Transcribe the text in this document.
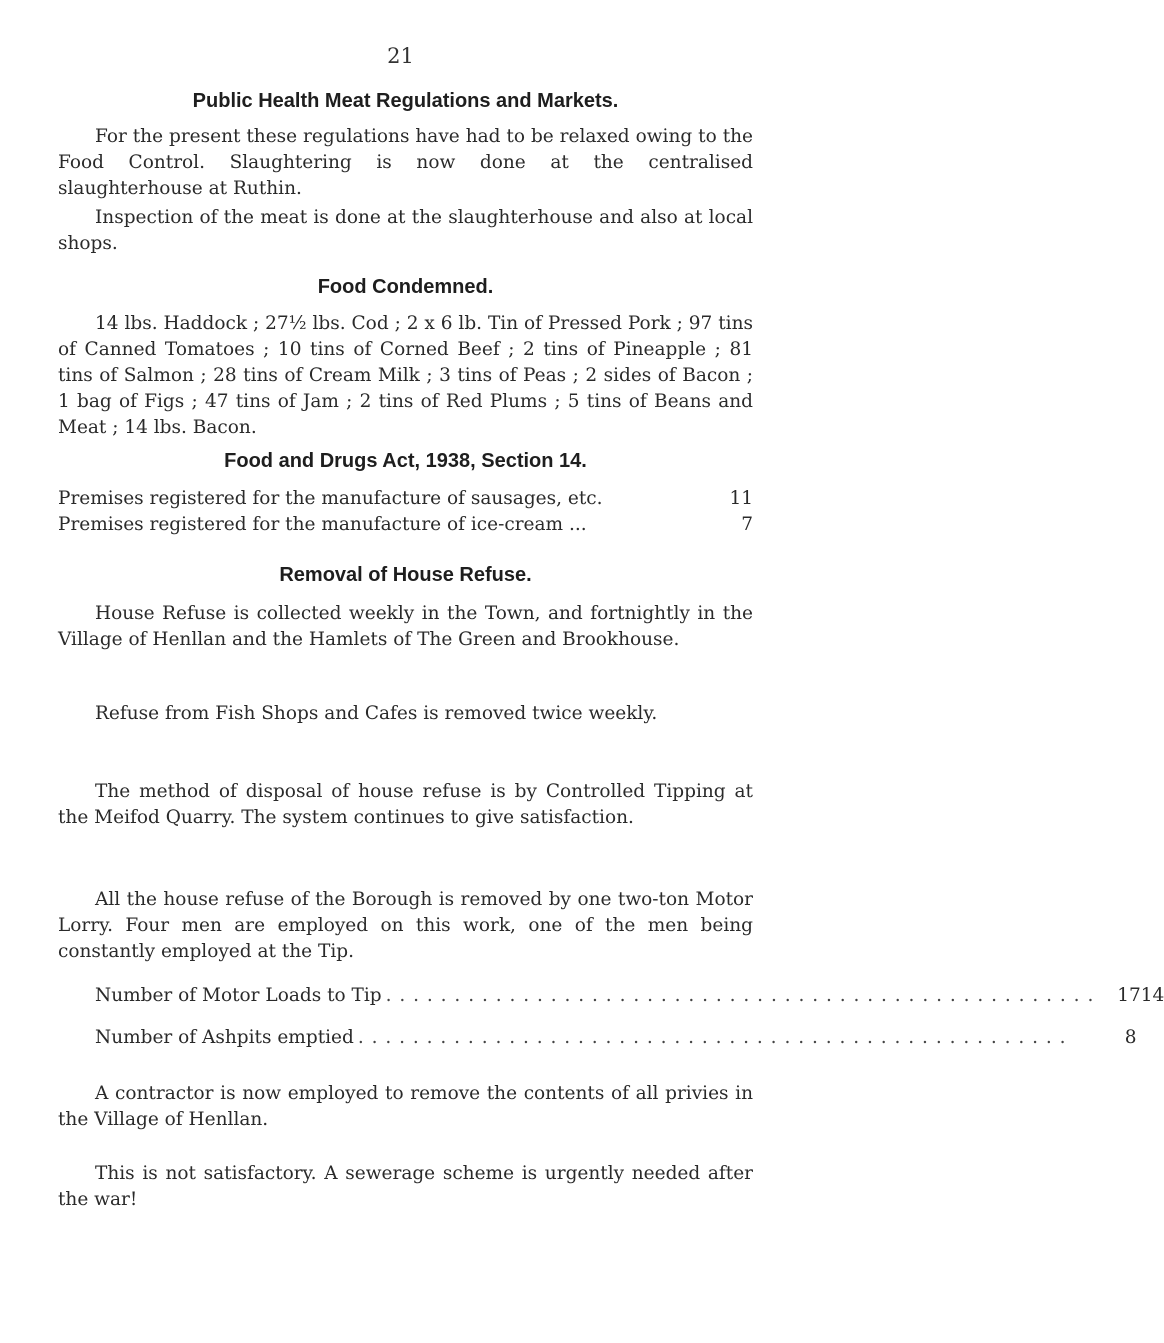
21
Public Health Meat Regulations and Markets.

For the present these regulations have had to be relaxed owing to the Food Control. Slaughtering is now done at the centralised slaughterhouse at Ruthin.

Inspection of the meat is done at the slaughterhouse and also at local shops.

Food Condemned.

14 lbs. Haddock ; 27½ lbs. Cod ; 2 x 6 lb. Tin of Pressed Pork ; 97 tins of Canned Tomatoes ; 10 tins of Corned Beef ; 2 tins of Pineapple ; 81 tins of Salmon ; 28 tins of Cream Milk ; 3 tins of Peas ; 2 sides of Bacon ; 1 bag of Figs ; 47 tins of Jam ; 2 tins of Red Plums ; 5 tins of Beans and Meat ; 14 lbs. Bacon.

Food and Drugs Act, 1938, Section 14.
Premises registered for the manufacture of sausages, etc.	11
Premises registered for the manufacture of ice-cream ...	7
Removal of House Refuse.

House Refuse is collected weekly in the Town, and fortnightly in the Village of Henllan and the Hamlets of The Green and Brookhouse.

Refuse from Fish Shops and Cafes is removed twice weekly.

The method of disposal of house refuse is by Controlled Tipping at the Meifod Quarry. The system continues to give satisfaction.

All the house refuse of the Borough is removed by one two-ton Motor Lorry. Four men are employed on this work, one of the men being constantly employed at the Tip.

Number of Motor Loads to Tip . . . . . . . . . . . . . . . . . . . . . . . . . . . . . . . . . . . . . . . . . . . . . . . . . . . .	1714
Number of Ashpits emptied . . . . . . . . . . . . . . . . . . . . . . . . . . . . . . . . . . . . . . . . . . . . . . . . . . . .	8

A contractor is now employed to remove the contents of all privies in the Village of Henllan.

This is not satisfactory. A sewerage scheme is urgently needed after the war!
